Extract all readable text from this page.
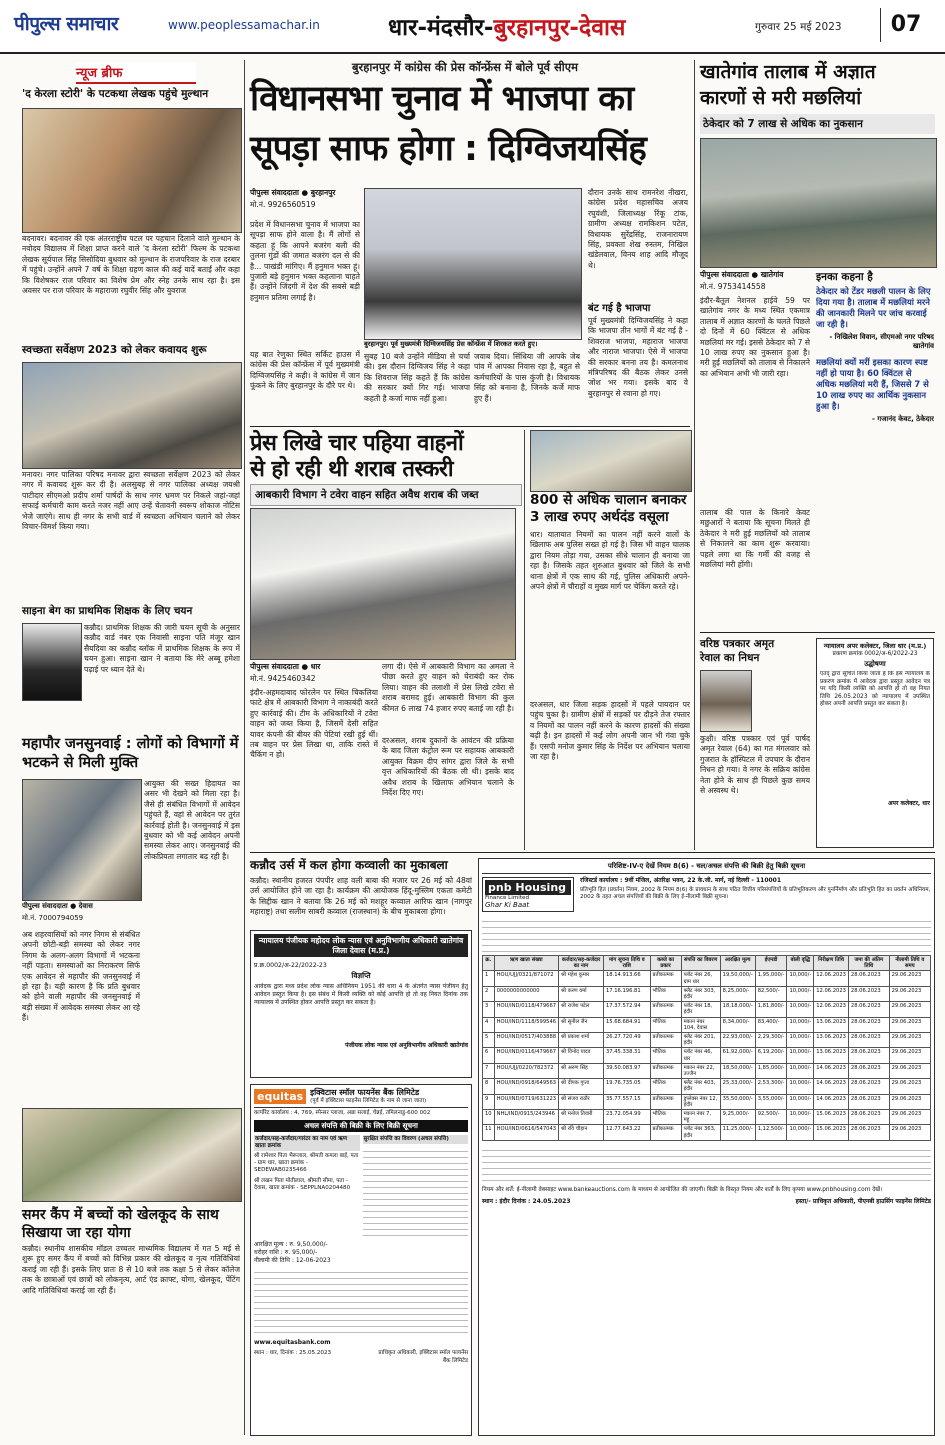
पीपुल्स समाचार	www.peoplessamachar.in	धार-मंदसौर-बुरहानपुर-देवास	गुरुवार 25 मई 2023	07
न्यूज ब्रीफ
'द केरला स्टोरी' के पटकथा लेखक पहुंचे मुल्थान
बदनावर। बदनावर की एक अंतरराष्ट्रीय पटल पर पहचान दिलाने वाले मुल्थान के नवोदय विद्यालय में शिक्षा प्राप्त करने वाले 'द केरला स्टोरी' फिल्म के पटकथा लेखक सूर्यपाल सिंह सिसोदिया बुधवार को मुल्थान के राजपरिवार के राज दरबार में पहुंचे। उन्होंने अपने 7 वर्ष के शिक्षा ग्रहण काल की कई यादें बताईं और कहा कि विशेषकर राज परिवार का विशेष प्रेम और स्नेह उनके साथ रहा है। इस अवसर पर राज परिवार के महाराजा रघुवीर सिंह और युवराज
स्वच्छता सर्वेक्षण 2023 को लेकर कवायद शुरू
मनावर। नगर पालिका परिषद मनावर द्वारा स्वच्छता सर्वेक्षण 2023 को लेकर नगर में कवायद शुरू कर दी है। अलसुबह से नगर पालिका अध्यक्ष जयश्री पाटीदार सीएमओ प्रदीप शर्मा पार्षदों के साथ नगर भ्रमण पर निकले जहां-जहां सफाई कर्मचारी काम करते नजर नहीं आए उन्हें चेतावनी स्वरूप शोकाज नोटिस भेजे जाएंगे। साथ ही नगर के सभी वार्ड में स्वच्छता अभियान चलाने को लेकर विचार-विमर्श किया गया।
साइना बेग का प्राथमिक शिक्षक के लिए चयन
कन्नौद। प्राथमिक शिक्षक की जारी चयन सूची के अनुसार कन्नौद वार्ड नंबर एक निवासी साइना पति मंजूर खान सैयदिया का कन्नौद ब्लॉक में प्राथमिक शिक्षक के रूप में चयन हुआ। साइना खान ने बताया कि मेरे अब्बू हमेशा पढ़ाई पर ध्यान देते थे।
महापौर जनसुनवाई : लोगों को विभागों में भटकने से मिली मुक्ति
पीपुल्स संवाददाता ● देवास
मो.नं. 7000794059
अब शहरवासियों को नगर निगम से संबंधित अपनी छोटी-बड़ी समस्या को लेकर नगर निगम के अलग-अलग विभागों में भटकना नहीं पड़ता। समस्याओं का निराकरण सिर्फ एक आवेदन से महापौर की जनसुनवाई में हो रहा है। यही कारण है कि प्रति बुधवार को होने वाली महापौर की जनसुनवाई में बड़ी संख्या में आवेदक समस्या लेकर आ रहे हैं।
आयुक्त की सख्त हिदायत का असर भी देखने को मिला रहा है। जैसे ही संबंधित विभागों में आवेदन पहुंचते हैं, वहां से आवेदन पर तुरंत कार्रवाई होती है। जनसुनवाई में इस बुधवार को भी कई आवेदन अपनी समस्या लेकर आए। जनसुनवाई की लोकप्रियता लगातार बढ़ रही है।
समर कैंप में बच्चों को खेलकूद के साथ सिखाया जा रहा योगा
कन्नौद। स्थानीय शासकीय मॉडल उच्चतर माध्यमिक विद्यालय में गत 5 मई से शुरू हुए समर कैंप में बच्चों को विभिन्न प्रकार की खेलकूद व नृत्य गतिविधियां कराई जा रही हैं। इसके लिए प्रातः 8 से 10 बजे तक कक्षा 5 से लेकर कॉलेज तक के छात्राओं एवं छात्रों को लोकनृत्य, आर्ट एंड क्राफ्ट, योगा, खेलकूद, पेंटिंग आदि गतिविधियां कराई जा रही हैं।
बुरहानपुर में कांग्रेस की प्रेस कॉन्फ्रेंस में बोले पूर्व सीएम
विधानसभा चुनाव में भाजपा का
सूपड़ा साफ होगा : दिग्विजयसिंह
पीपुल्स संवाददाता ● बुरहानपुर
मो.नं. 9926560519
प्रदेश में विधानसभा चुनाव में भाजपा का सूपड़ा साफ होने वाला है। मैं लोगों से कहता हूं कि आपने बजरंग बली की तुलना गुंडों की जमात बजरंग दल से की है... पाखंडी मांगिए। मैं हनुमान भक्त हूं। पुजारी बड़े हनुमान भक्त कहलाना चाहते हैं। उन्होंने जिंदगी में देश की सबसे बड़ी हनुमान प्रतिमा लगाई है।
बुरहानपुर। पूर्व मुख्यमंत्री दिग्विजयसिंह प्रेस कॉन्फ्रेंस में शिरकत करते हुए।
यह बात रेणुका स्थित सर्किट हाउस में कांग्रेस की प्रेस कॉन्फ्रेंस में पूर्व मुख्यमंत्री दिग्विजयसिंह ने कही। वे कांग्रेस में जान फूंकने के लिए बुरहानपुर के दौरे पर थे।
सुबह 10 बजे उन्होंने मीडिया से चर्चा की। इस दौरान दिग्विजय सिंह ने कहा कि शिवराज सिंह कहते हैं कि कांग्रेस की सरकार क्यों गिर गई। भाजपा कहती है कर्जा माफ नहीं हुआ।
जवाब दिया। सिंधिया जी आपके जेब पांव में आपका निवास रहा है, बहुत से कर्मचारियों के पास कुंजी है। विधायक सिंह को बनाना है, जिनके कर्जे माफ हुए हैं।
दौरान उनके साथ रामनरेश नीखरा, कांग्रेस प्रदेश महासचिव अजय रघुवंशी, जिलाध्यक्ष रिंकू टांक, ग्रामीण अध्यक्ष रामकिशन पटेल, विधायक सुरेंद्रसिंह, राजनारायण सिंह, प्रवक्ता शेख रुस्तम, निखिल खंडेलवाल, विनय शाह आदि मौजूद थे।
बंट गई है भाजपा
पूर्व मुख्यमंत्री दिग्विजयसिंह ने कहा कि भाजपा तीन भागों में बंट गई है - शिवराज भाजपा, महाराज भाजपा और नाराज भाजपा। ऐसे में भाजपा की सरकार बनना तय है। कमलनाथ मंत्रिपरिषद की बैठक लेकर उनसे जोश भर गया। इसके बाद वे बुरहानपुर से रवाना हो गए।
प्रेस लिखे चार पहिया वाहनों
से हो रही थी शराब तस्करी
आबकारी विभाग ने टवेरा वाहन सहित अवैध शराब की जब्त
पीपुल्स संवाददाता ● धार
मो.नं. 9425460342
इंदौर-अहमदाबाद फोरलेन पर स्थित चिकलिया फाटे क्षेत्र में आबकारी विभाग ने नाकाबंदी करते हुए कार्रवाई की। टीम के अधिकारियों ने टवेरा वाहन को जब्त किया है, जिसमें देसी सहित यावर कंपनी की बीयर की पेटियां रखी हुई थीं। तब वाहन पर प्रेस लिखा था, ताकि रास्ते में चैकिंग न हो।
लगा दी। ऐसे में आबकारी विभाग का अमला ने पीछा करते हुए वाहन को घेराबंदी कर रोक लिया। वाहन की तलाशी में प्रेस लिखे टवेरा से शराब बरामद हुई। आबकारी विभाग की कुल कीमत 6 लाख 74 हजार रुपए बताई जा रही है।
दरअसल, शराब दुकानों के आवंटन की प्रक्रिया के बाद जिला कंट्रोल रूम पर सहायक आबकारी आयुक्त विक्रम दीप सांगर द्वारा जिले के सभी वृत्त अधिकारियों की बैठक ली थी। इसके बाद अवैध शराब के खिलाफ अभियान चलाने के निर्देश दिए गए।
800 से अधिक चालान बनाकर 3 लाख रुपए अर्थदंड वसूला
धार। यातायात नियमों का पालन नहीं करने वालों के खिलाफ अब पुलिस सख्त हो गई है। जिस भी वाहन चालक द्वारा नियम तोड़ा गया, उसका सीधे चालान ही बनाया जा रहा है। जिसके तहत शुरुआत बुधवार को जिले के सभी थाना क्षेत्रों में एक साथ की गई, पुलिस अधिकारी अपने-अपने क्षेत्रों में चौराहों व मुख्य मार्ग पर चेकिंग करते रहे।
दरअसल, धार जिला सड़क हादसों में पहले पायदान पर पहुंच चुका है। ग्रामीण क्षेत्रों में सड़कों पर दौड़ने तेज रफ्तार व नियमों का पालन नहीं करने के कारण हादसों की संख्या बढ़ी है। इन हादसों में कई लोग अपनी जान भी गंवा चुके हैं। एसपी मनोज कुमार सिंह के निर्देश पर अभियान चलाया जा रहा है।
खातेगांव तालाब में अज्ञात
कारणों से मरी मछलियां
ठेकेदार को 7 लाख से अधिक का नुकसान
पीपुल्स संवाददाता ● खातेगांव
मो.नं. 9753414558
इंदौर-बैतूल नेशनल हाईवे 59 पर खातेगांव नगर के मध्य स्थित एकमात्र तालाब में अज्ञात कारणों के चलते पिछले दो दिनों में 60 क्विंटल से अधिक मछलियां मर गई। इससे ठेकेदार को 7 से 10 लाख रुपए का नुकसान हुआ है। मरी हुई मछलियों को तालाब से निकालने का अभियान अभी भी जारी रहा।
तालाब की पाल के किनारे केवट मछुआरों ने बताया कि सूचना मिलते ही ठेकेदार ने मरी हुई मछलियों को तालाब से निकालने का काम शुरू करवाया। पहले लगा था कि गर्मी की वजह से मछलियां मरी होंगी।
इनका कहना है
ठेकेदार को टेंडर मछली पालन के लिए दिया गया है। तालाब में मछलियां मरने की जानकारी मिलने पर जांच करवाई जा रही है।
- निखिलेश विवान, सीएमओ नगर परिषद खातेगांव
मछलियां क्यों मरीं इसका कारण स्पष्ट नहीं हो पाया है। 60 क्विंटल से अधिक मछलियां मरी हैं, जिससे 7 से 10 लाख रुपए का आर्थिक नुकसान हुआ है।
- गजानंद केवट, ठेकेदार
वरिष्ठ पत्रकार अमृत
रेवाल का निधन
कुक्षी। वरिष्ठ पत्रकार एवं पूर्व पार्षद अमृत रेवाल (64) का गत मंगलवार को गुजरात के हॉस्पिटल में उपचार के दौरान निधन हो गया। वे नगर के सक्रिय कांग्रेस नेता होने के साथ ही पिछले कुछ समय से अस्वस्थ थे।
न्यायालय अपर कलेक्टर, जिला धार (म.प्र.)
प्रकरण क्रमांक 0002/अ-6/2022-23
उद्घोषणा
एतद् द्वारा सूचित किया जाता है कि इस न्यायालय के प्रकरण क्रमांक में आवेदक द्वारा प्रस्तुत आवेदन पत्र पर यदि किसी व्यक्ति को आपत्ति हो तो वह नियत तिथि 26.05.2023 को न्यायालय में उपस्थित होकर अपनी आपत्ति प्रस्तुत कर सकता है।
अपर कलेक्टर, धार
कन्नौद उर्स में कल होगा कव्वाली का मुकाबला
कन्नौद। स्थानीय हजरत पंपपीर शाह वली बाबा की मजार पर 26 मई को 48वां उर्स आयोजित होने जा रहा है। कार्यक्रम की आयोजक हिंदू-मुस्लिम एकता कमेटी के सिद्दीक खान ने बताया कि 26 मई को मशहूर कव्वाल आरिफ खान (नागपुर महाराष्ट्र) तथा सलीम साबरी कव्वाल (राजस्थान) के बीच मुकाबला होगा।
न्यायालय पंजीयक महोदय लोक न्यास एवं अनुविभागीय अधिकारी खातेगांव जिला देवास (म.प्र.)
प्र.क्र.0002/अ-22/2022-23
विज्ञप्ति
आवेदक द्वारा मध्य प्रदेश लोक न्यास अधिनियम 1951 की धारा 4 के अंतर्गत न्यास पंजीयन हेतु आवेदन प्रस्तुत किया है। इस संबंध में किसी व्यक्ति को कोई आपत्ति हो तो वह नियत दिनांक तक न्यायालय में उपस्थित होकर आपत्ति प्रस्तुत कर सकता है।
पंजीयक लोक न्यास एवं अनुविभागीय अधिकारी खातेगांव
equitas इक्विटास स्मॉल फायनेंस बैंक लिमिटेड
(पूर्व में इक्विटास फाइनेंस लिमिटेड के नाम से जाना जाता)
कार्पोरेट कार्यालय : 4, 769, स्पेन्सर प्लाजा, अन्ना सलाई, चेन्नई, तमिलनाडु-600 002
अचल संपत्ति की बिक्री के लिए बिक्री सूचना
कर्जदार/सह-कर्जदार/गारंटर का नाम एवं ऋण खाता क्रमांक
श्री रामेश्वर पिता भैरूलाल, श्रीमती कमला बाई, पता - ग्राम धार, खाता क्रमांक - SEDEWAB0235466
श्री लखन पिता मोतीलाल, श्रीमती सीमा, पता - देवास, खाता क्रमांक - SEPPLNA0204480
सुरक्षित संपत्ति का विवरण (अचल संपत्ति)
आरक्षित मूल्य : रु. 9,50,000/-
धरोहर राशि : रु. 95,000/-
नीलामी की तिथि : 12-06-2023
www.equitasbank.com
स्थान : धार, दिनांक : 25.05.2023	प्राधिकृत अधिकारी, इक्विटास स्मॉल फायनेंस बैंक लिमिटेड
परिशिष्ट-IV-ए देखें नियम 8(6) - चल/अचल संपत्ति की बिक्री हेतु बिक्री सूचना
pnb Housing
Finance Limited
Ghar Ki Baat
रजिस्टर्ड कार्यालय : 9वीं मंजिल, अंतरिक्ष भवन, 22 के.जी. मार्ग, नई दिल्ली - 110001
प्रतिभूति हित (प्रवर्तन) नियम, 2002 के नियम 8(6) के प्रावधान के साथ पठित वित्तीय परिसंपत्तियों के प्रतिभूतिकरण और पुनर्निर्माण और प्रतिभूति हित का प्रवर्तन अधिनियम, 2002 के तहत अचल संपत्तियों की बिक्री के लिए ई-नीलामी बिक्री सूचना।
क्र.	ऋण खाता संख्या	कर्जदार/सह-कर्जदार का नाम	मांग सूचना तिथि व राशि	कब्जे का प्रकार	संपत्ति का विवरण	आरक्षित मूल्य	ईएमडी	बोली वृद्धि	निरीक्षण तिथि	जमा की अंतिम तिथि	नीलामी तिथि व समय
1	HOU/UJJ/0321/871072	श्री महेश कुमार	18.14.913.66	प्रतीकात्मक	प्लॉट नंबर 26, ग्राम धार	19,50,000/-	1,95,000/-	10,000/-	12.06.2023	28.06.2023	29.06.2023
2	0000000000000	श्री करण वर्मा	17.16.196.81	भौतिक	फ्लैट नंबर 303, इंदौर	8,25,000/-	82,500/-	10,000/-	12.06.2023	28.06.2023	29.06.2023
3	HOU/IND/0118/479667	श्री राजेश पटेल	17.37.572.94	प्रतीकात्मक	प्लॉट नंबर 18, इंदौर	18,18,000/-	1,81,800/-	10,000/-	12.06.2023	28.06.2023	29.06.2023
4	HOU/IND/1118/599546	श्री सुनील जैन	15.68.684.91	भौतिक	मकान नंबर 104, देवास	8,34,000/-	83,400/-	10,000/-	13.06.2023	28.06.2023	29.06.2023
5	HOU/IND/0517/403888	श्री प्रकाश शर्मा	26.27.720.49	प्रतीकात्मक	फ्लैट नंबर 201, इंदौर	22,93,000/-	2,29,300/-	10,000/-	13.06.2023	28.06.2023	29.06.2023
6	HOU/IND/0116/479667	श्री विनोद यादव	37.45.338.31	भौतिक	प्लॉट नंबर 46, धार	61,92,000/-	6,19,200/-	10,000/-	13.06.2023	28.06.2023	29.06.2023
7	HOU/UJJ/0220/782372	श्री अरुण सिंह	39.50.083.97	प्रतीकात्मक	मकान नंबर 22, उज्जैन	18,50,000/-	1,85,000/-	10,000/-	14.06.2023	28.06.2023	29.06.2023
8	HOU/IND/0918/649563	श्री दीपक गुप्ता	19.76.735.05	भौतिक	फ्लैट नंबर 403, इंदौर	25,33,000/-	2,53,300/-	10,000/-	14.06.2023	28.06.2023	29.06.2023
9	HOU/IND/0719/631223	श्री संजय राठौर	35.77.557.15	प्रतीकात्मक	डुप्लेक्स नंबर 12, इंदौर	35,50,000/-	3,55,000/-	10,000/-	14.06.2023	28.06.2023	29.06.2023
10	NHL/IND/0915/243946	श्री मनोज तिवारी	23.72.054.99	भौतिक	मकान नंबर 7, महू	9,25,000/-	92,500/-	10,000/-	15.06.2023	28.06.2023	29.06.2023
11	HOU/IND/0616/547043	श्री रवि चौहान	12.77.643.22	प्रतीकात्मक	प्लॉट नंबर 363, इंदौर	11,25,000/-	1,12,500/-	10,000/-	15.06.2023	28.06.2023	29.06.2023
नियम और शर्तें: ई-नीलामी वेबसाइट www.bankeauctions.com के माध्यम से आयोजित की जाएगी। बिक्री के विस्तृत नियम और शर्तों के लिए कृपया www.pnbhousing.com देखें।
स्थान : इंदौर दिनांक : 24.05.2023	हस्ता/- प्राधिकृत अधिकारी, पीएनबी हाउसिंग फाइनेंस लिमिटेड
